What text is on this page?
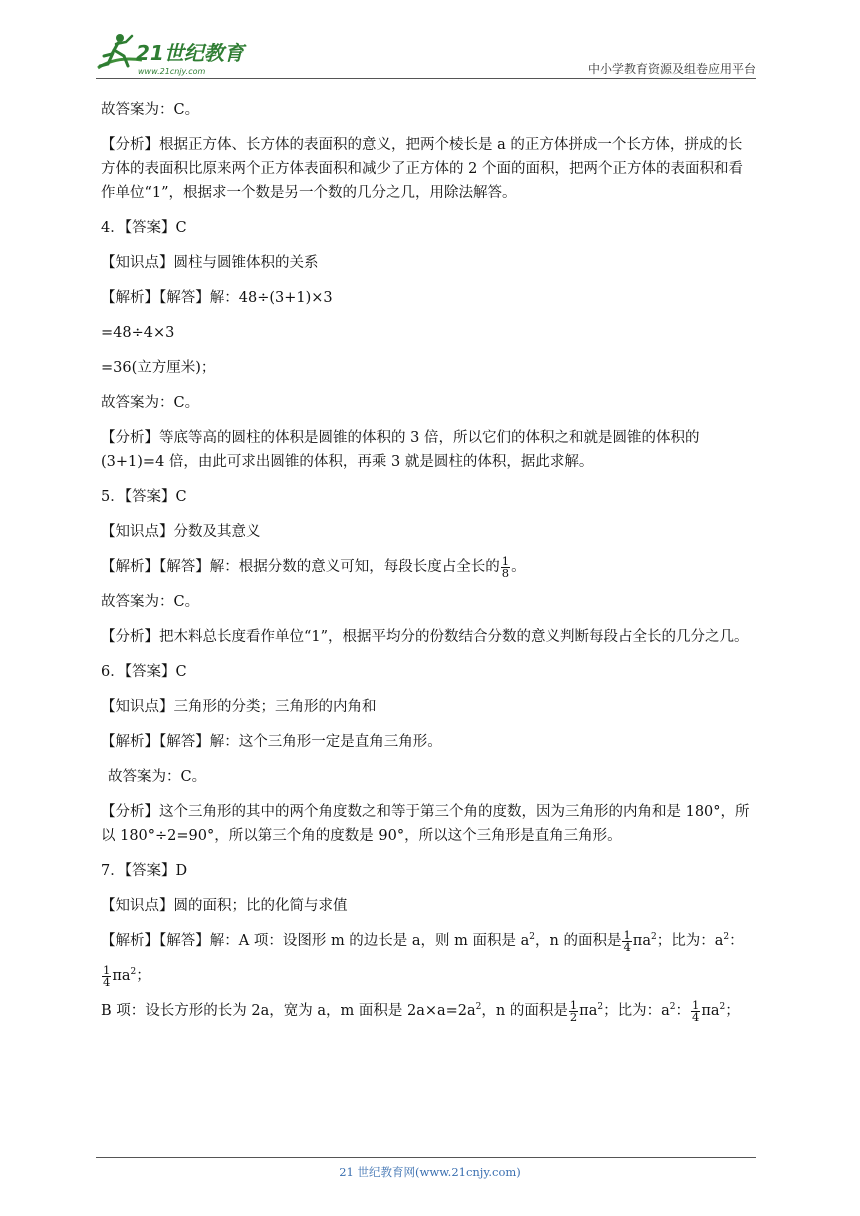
21世纪教育
www.21cnjy.com	中小学教育资源及组卷应用平台

故答案为：C。

【分析】根据正方体、长方体的表面积的意义，把两个棱长是 a 的正方体拼成一个长方体，拼成的长方体的表面积比原来两个正方体表面积和减少了正方体的 2 个面的面积，把两个正方体的表面积和看作单位“1”，根据求一个数是另一个数的几分之几，用除法解答。

4．【答案】C

【知识点】圆柱与圆锥体积的关系

【解析】【解答】解：48÷(3+1)×3

=48÷4×3

=36(立方厘米)；

故答案为：C。

【分析】等底等高的圆柱的体积是圆锥的体积的 3 倍，所以它们的体积之和就是圆锥的体积的(3+1)=4 倍，由此可求出圆锥的体积，再乘 3 就是圆柱的体积，据此求解。

5．【答案】C

【知识点】分数及其意义

【解析】【解答】解：根据分数的意义可知，每段长度占全长的 $\frac{1}{8}$ 。

故答案为：C。

【分析】把木料总长度看作单位“1”，根据平均分的份数结合分数的意义判断每段占全长的几分之几。

6．【答案】C

【知识点】三角形的分类；三角形的内角和

【解析】【解答】解：这个三角形一定是直角三角形。

故答案为：C。

【分析】这个三角形的其中的两个角度数之和等于第三个角的度数，因为三角形的内角和是 180°，所以 180°÷2=90°，所以第三个角的度数是 90°，所以这个三角形是直角三角形。

7．【答案】D

【知识点】圆的面积；比的化简与求值

【解析】【解答】解：A 项：设图形 m 的边长是 a，则 m 面积是 $a^2$，n 的面积是 $\frac{1}{4} \pi a^2$；比为：$a^2$：

$\frac{1}{4} \pi a^2$；

B 项：设长方形的长为 2a，宽为 a，m 面积是 $2a\times a=2a^2$，n 的面积是 $\frac{1}{2} \pi a^2$；比为：$a^2$： $\frac{1}{4} \pi a^2$；

21 世纪教育网(www.21cnjy.com)
